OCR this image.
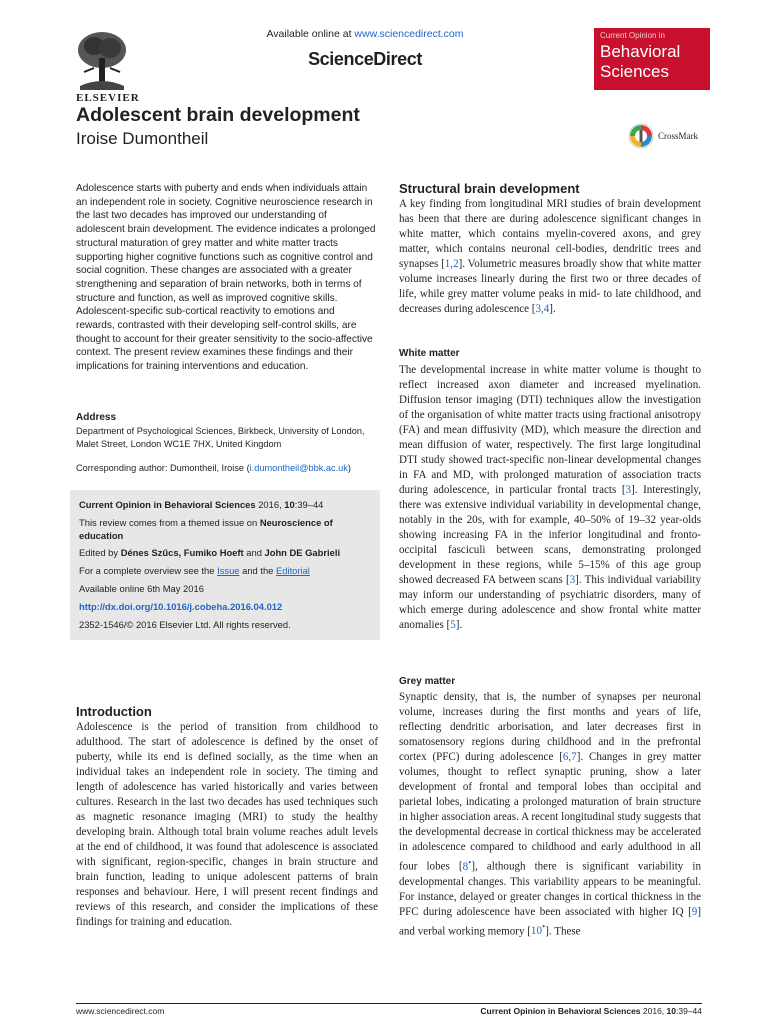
ELSEVIER
Available online at www.sciencedirect.com
ScienceDirect
Current Opinion in
Behavioral
Sciences
Adolescent brain development
Iroise Dumontheil	CrossMark
Adolescence starts with puberty and ends when individuals attain an independent role in society. Cognitive neuroscience research in the last two decades has improved our understanding of adolescent brain development. The evidence indicates a prolonged structural maturation of grey matter and white matter tracts supporting higher cognitive functions such as cognitive control and social cognition. These changes are associated with a greater strengthening and separation of brain networks, both in terms of structure and function, as well as improved cognitive skills. Adolescent-specific sub-cortical reactivity to emotions and rewards, contrasted with their developing self-control skills, are thought to account for their greater sensitivity to the socio-affective context. The present review examines these findings and their implications for training interventions and education.
Address
Department of Psychological Sciences, Birkbeck, University of London, Malet Street, London WC1E 7HX, United Kingdom
Corresponding author: Dumontheil, Iroise (i.dumontheil@bbk.ac.uk)
Current Opinion in Behavioral Sciences 2016, 10:39–44
This review comes from a themed issue on Neuroscience of education
Edited by Dénes Szűcs, Fumiko Hoeft and John DE Gabrieli
For a complete overview see the Issue and the Editorial
Available online 6th May 2016
http://dx.doi.org/10.1016/j.cobeha.2016.04.012
2352-1546/© 2016 Elsevier Ltd. All rights reserved.
Introduction
Adolescence is the period of transition from childhood to adulthood. The start of adolescence is defined by the onset of puberty, while its end is defined socially, as the time when an individual takes an independent role in society. The timing and length of adolescence has varied historically and varies between cultures. Research in the last two decades has used techniques such as magnetic resonance imaging (MRI) to study the healthy developing brain. Although total brain volume reaches adult levels at the end of childhood, it was found that adolescence is associated with significant, region-specific, changes in brain structure and brain function, leading to unique adolescent patterns of brain responses and behaviour. Here, I will present recent findings and reviews of this research, and consider the implications of these findings for training and education.
Structural brain development
A key finding from longitudinal MRI studies of brain development has been that there are during adolescence significant changes in white matter, which contains myelin-covered axons, and grey matter, which contains neuronal cell-bodies, dendritic trees and synapses [1,2]. Volumetric measures broadly show that white matter volume increases linearly during the first two or three decades of life, while grey matter volume peaks in mid- to late childhood, and decreases during adolescence [3,4].
White matter
The developmental increase in white matter volume is thought to reflect increased axon diameter and increased myelination. Diffusion tensor imaging (DTI) techniques allow the investigation of the organisation of white matter tracts using fractional anisotropy (FA) and mean diffusivity (MD), which measure the direction and mean diffusion of water, respectively. The first large longitudinal DTI study showed tract-specific non-linear developmental changes in FA and MD, with prolonged maturation of association tracts during adolescence, in particular frontal tracts [3]. Interestingly, there was extensive individual variability in developmental change, notably in the 20s, with for example, 40–50% of 19–32 year-olds showing increasing FA in the inferior longitudinal and fronto-occipital fasciculi between scans, demonstrating prolonged development in these regions, while 5–15% of this age group showed decreased FA between scans [3]. This individual variability may inform our understanding of psychiatric disorders, many of which emerge during adolescence and show frontal white matter anomalies [5].
Grey matter
Synaptic density, that is, the number of synapses per neuronal volume, increases during the first months and years of life, reflecting dendritic arborisation, and later decreases first in somatosensory regions during childhood and in the prefrontal cortex (PFC) during adolescence [6,7]. Changes in grey matter volumes, thought to reflect synaptic pruning, show a later development of frontal and temporal lobes than occipital and parietal lobes, indicating a prolonged maturation of brain structure in higher association areas. A recent longitudinal study suggests that the developmental decrease in cortical thickness may be accelerated in adolescence compared to childhood and early adulthood in all four lobes [8•], although there is significant variability in developmental changes. This variability appears to be meaningful. For instance, delayed or greater changes in cortical thickness in the PFC during adolescence have been associated with higher IQ [9] and verbal working memory [10•]. These
www.sciencedirect.com	Current Opinion in Behavioral Sciences 2016, 10:39–44
